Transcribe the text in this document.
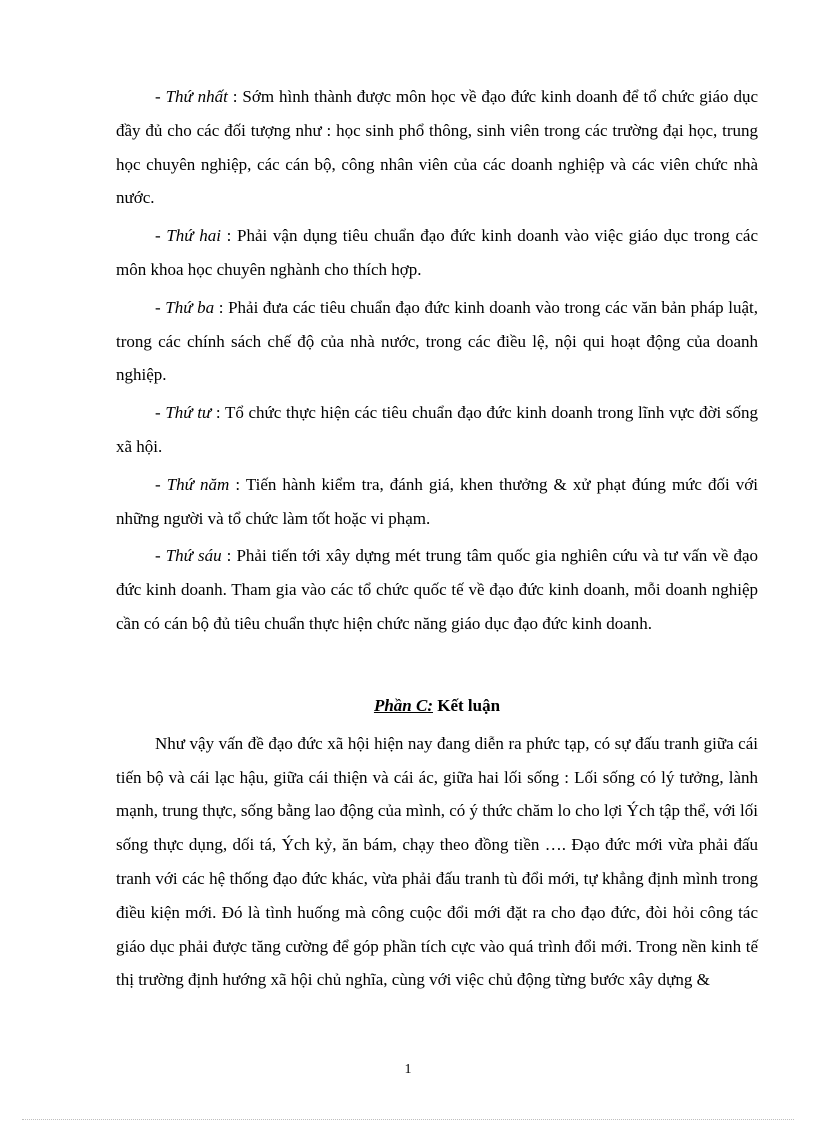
- Thứ nhất : Sớm hình thành được môn học về đạo đức kinh doanh để tổ chức giáo dục đầy đủ cho các đối tượng như : học sinh phổ thông, sinh viên trong các trường đại học, trung học chuyên nghiệp, các cán bộ, công nhân viên của các doanh nghiệp và các viên chức nhà nước.

- Thứ hai : Phải vận dụng tiêu chuẩn đạo đức kinh doanh vào việc giáo dục trong các môn khoa học chuyên nghành cho thích hợp.

- Thứ ba : Phải đưa các tiêu chuẩn đạo đức kinh doanh vào trong các văn bản pháp luật, trong các chính sách chế độ của nhà nước, trong các điều lệ, nội qui hoạt động của doanh nghiệp.

- Thứ tư : Tổ chức thực hiện các tiêu chuẩn đạo đức kinh doanh trong lĩnh vực đời sống xã hội.

- Thứ năm : Tiến hành kiểm tra, đánh giá, khen thưởng & xử phạt đúng mức đối với những người và tổ chức làm tốt hoặc vi phạm.

- Thứ sáu : Phải tiến tới xây dựng mét trung tâm quốc gia nghiên cứu và tư vấn về đạo đức kinh doanh. Tham gia vào các tổ chức quốc tế về đạo đức kinh doanh, mỗi doanh nghiệp cần có cán bộ đủ tiêu chuẩn thực hiện chức năng giáo dục đạo đức kinh doanh.

Phần C: Kết luận

Như vậy vấn đề đạo đức xã hội hiện nay đang diễn ra phức tạp, có sự đấu tranh giữa cái tiến bộ và cái lạc hậu, giữa cái thiện và cái ác, giữa hai lối sống : Lối sống có lý tưởng, lành mạnh, trung thực, sống bằng lao động của mình, có ý thức chăm lo cho lợi Ých tập thể, với lối sống thực dụng, dối tá, Ých kỷ, ăn bám, chạy theo đồng tiền …. Đạo đức mới vừa phải đấu tranh với các hệ thống đạo đức khác, vừa phải đấu tranh tù đổi mới, tự khẳng định mình trong điều kiện mới. Đó là tình huống mà công cuộc đổi mới đặt ra cho đạo đức, đòi hỏi công tác giáo dục phải được tăng cường để góp phần tích cực vào quá trình đổi mới. Trong nền kinh tế thị trường định hướng xã hội chủ nghĩa, cùng với việc chủ động từng bước xây dựng &

1
